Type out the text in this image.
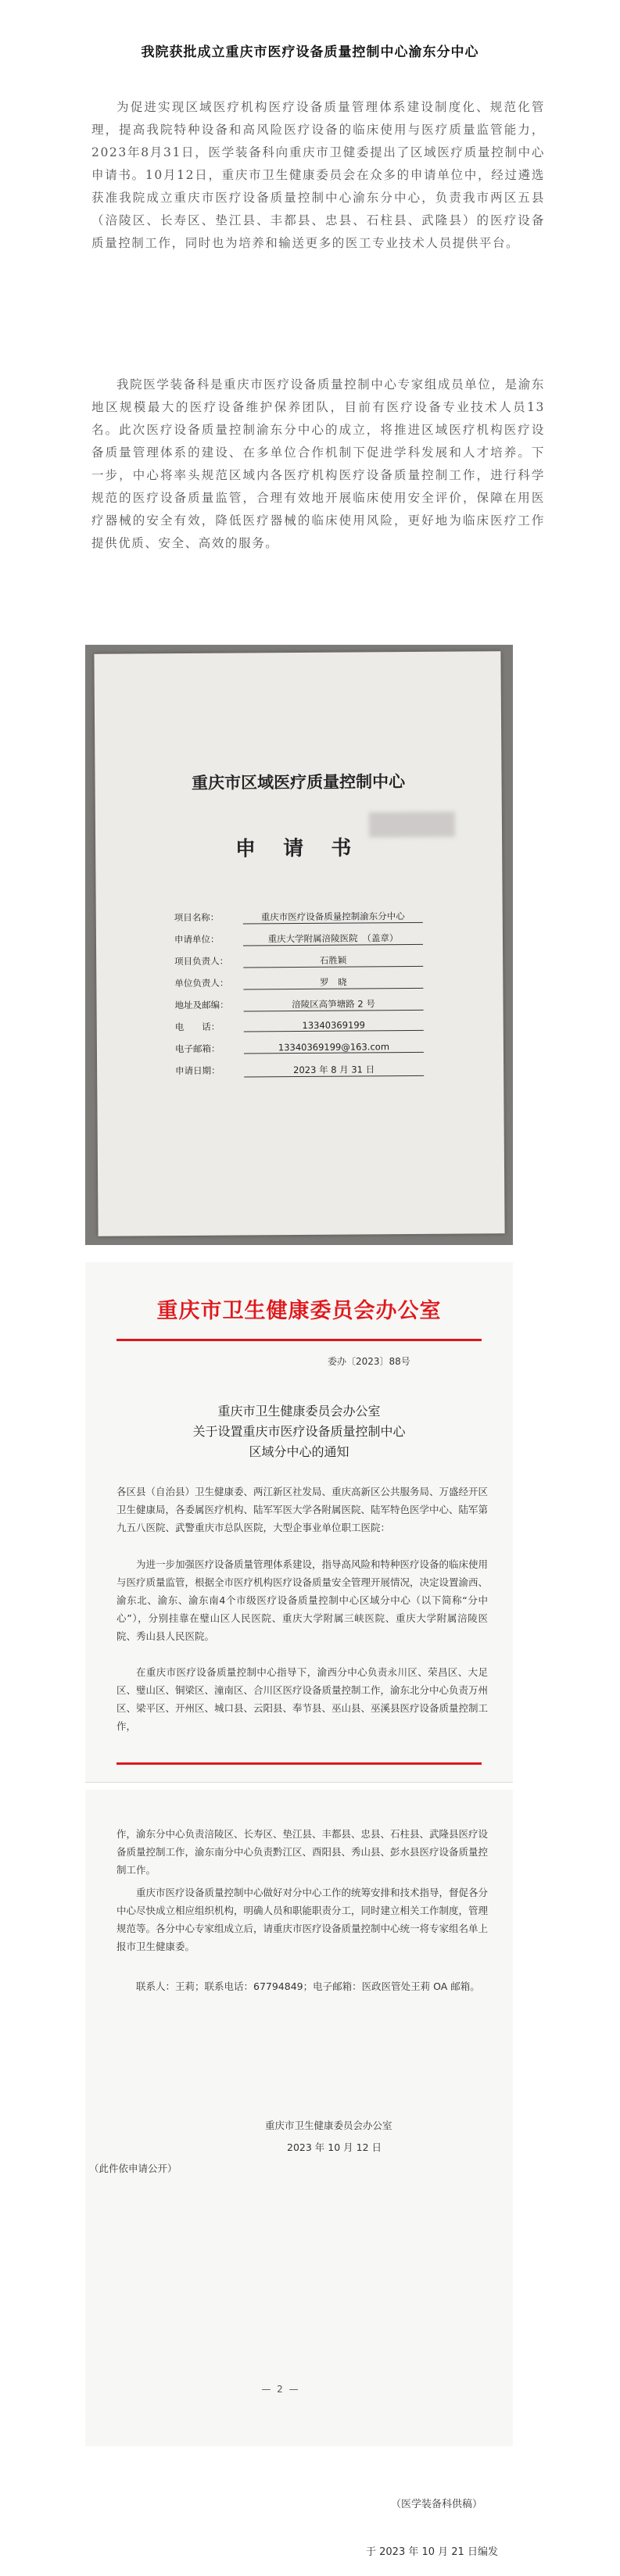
我院获批成立重庆市医疗设备质量控制中心渝东分中心

为促进实现区域医疗机构医疗设备质量管理体系建设制度化、规范化管理，提高我院特种设备和高风险医疗设备的临床使用与医疗质量监管能力，2023年8月31日，医学装备科向重庆市卫健委提出了区域医疗质量控制中心申请书。10月12日，重庆市卫生健康委员会在众多的申请单位中，经过遴选获准我院成立重庆市医疗设备质量控制中心渝东分中心，负责我市两区五县（涪陵区、长寿区、垫江县、丰都县、忠县、石柱县、武隆县）的医疗设备质量控制工作，同时也为培养和输送更多的医工专业技术人员提供平台。

我院医学装备科是重庆市医疗设备质量控制中心专家组成员单位，是渝东地区规模最大的医疗设备维护保养团队，目前有医疗设备专业技术人员13名。此次医疗设备质量控制渝东分中心的成立，将推进区域医疗机构医疗设备质量管理体系的建设、在多单位合作机制下促进学科发展和人才培养。下一步，中心将率头规范区域内各医疗机构医疗设备质量控制工作，进行科学规范的医疗设备质量监管，合理有效地开展临床使用安全评价，保障在用医疗器械的安全有效，降低医疗器械的临床使用风险，更好地为临床医疗工作提供优质、安全、高效的服务。

重庆市区域医疗质量控制中心
申 请 书
项目名称：	重庆市医疗设备质量控制渝东分中心
申请单位：	重庆大学附属涪陵医院　（盖章）
项目负责人：	石胜颖
单位负责人：	罗　晓
地址及邮编：	涪陵区高笋塘路 2 号
电　　话：	13340369199
电子邮箱：	13340369199@163.com
申请日期：	2023 年 8 月 31 日
重庆市卫生健康委员会办公室
委办〔2023〕88号
重庆市卫生健康委员会办公室
关于设置重庆市医疗设备质量控制中心
区域分中心的通知

各区县（自治县）卫生健康委、两江新区社发局、重庆高新区公共服务局、万盛经开区卫生健康局，各委属医疗机构、陆军军医大学各附属医院、陆军特色医学中心、陆军第九五八医院、武警重庆市总队医院，大型企事业单位职工医院：

为进一步加强医疗设备质量管理体系建设，指导高风险和特种医疗设备的临床使用与医疗质量监管，根据全市医疗机构医疗设备质量安全管理开展情况，决定设置渝西、渝东北、渝东、渝东南4个市级医疗设备质量控制中心区域分中心（以下简称“分中心”），分别挂靠在璧山区人民医院、重庆大学附属三峡医院、重庆大学附属涪陵医院、秀山县人民医院。

在重庆市医疗设备质量控制中心指导下，渝西分中心负责永川区、荣昌区、大足区、璧山区、铜梁区、潼南区、合川区医疗设备质量控制工作，渝东北分中心负责万州区、梁平区、开州区、城口县、云阳县、奉节县、巫山县、巫溪县医疗设备质量控制工作，

作，渝东分中心负责涪陵区、长寿区、垫江县、丰都县、忠县、石柱县、武隆县医疗设备质量控制工作，渝东南分中心负责黔江区、酉阳县、秀山县、彭水县医疗设备质量控制工作。

重庆市医疗设备质量控制中心做好对分中心工作的统筹安排和技术指导，督促各分中心尽快成立相应组织机构，明确人员和职能职责分工，同时建立相关工作制度，管理规范等。各分中心专家组成立后，请重庆市医疗设备质量控制中心统一将专家组名单上报市卫生健康委。

联系人：王莉；联系电话：67794849；电子邮箱：医政医管处王莉 OA 邮箱。

重庆市卫生健康委员会办公室
2023 年 10 月 12 日
（此件依申请公开）
— 2 —
（医学装备科供稿）
于 2023 年 10 月 21 日编发
